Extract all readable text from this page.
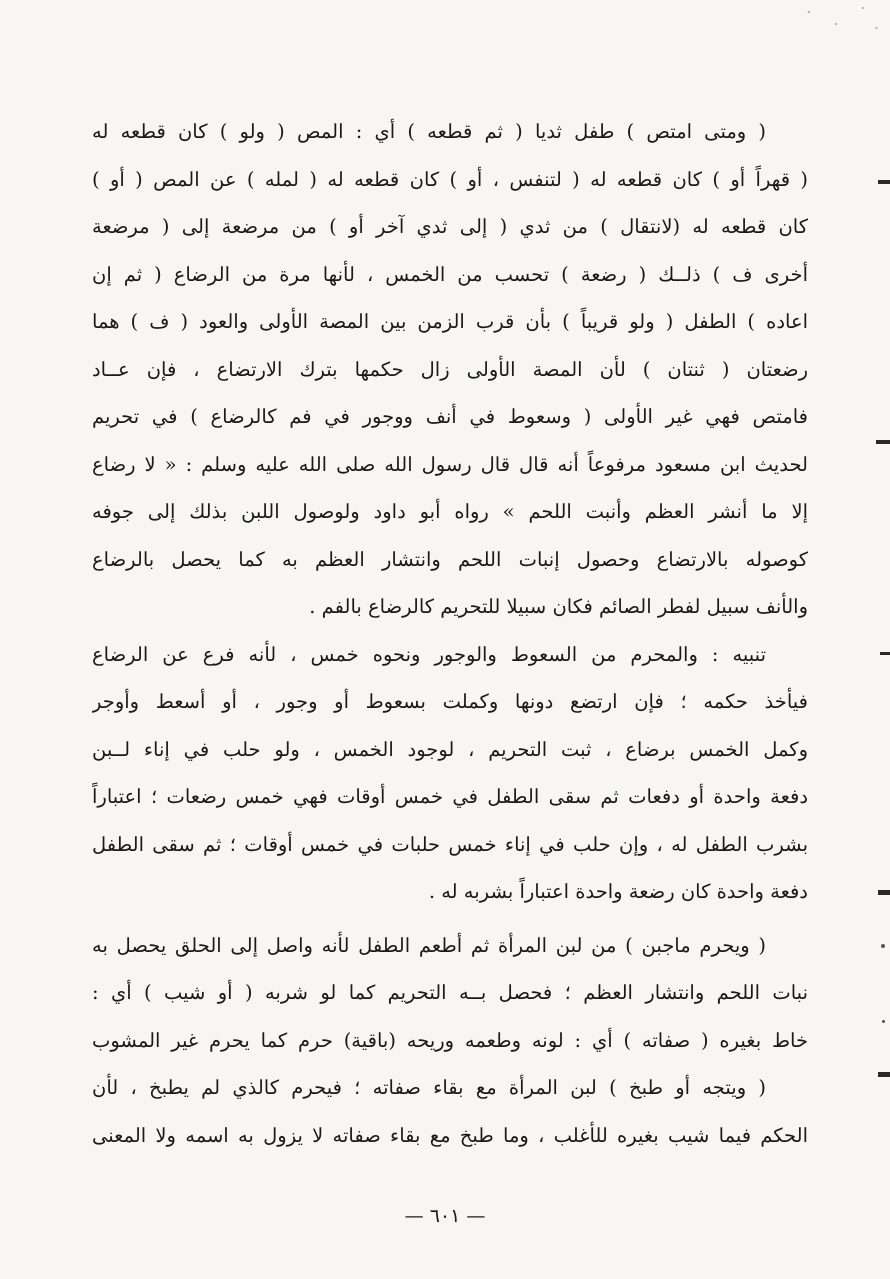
( ومتى امتص ) طفل ثديا ( ثم قطعه ) أي : المص ( ولو ) كان قطعه له
( قهراً أو ) كان قطعه له ( لتنفس ، أو ) كان قطعه له ( لمله ) عن المص ( أو )
كان قطعه له (لانتقال ) من ثدي ( إلى ثدي آخر أو ) من مرضعة إلى ( مرضعة
أخرى ف ) ذلــك ( رضعة ) تحسب من الخمس ، لأنها مرة من الرضاع ( ثم إن
اعاده ) الطفل ( ولو قريباً ) بأن قرب الزمن بين المصة الأولى والعود ( ف ) هما
رضعتان ( ثنتان ) لأن المصة الأولى زال حكمها بترك الارتضاع ، فإن عــاد
فامتص فهي غير الأولى ( وسعوط في أنف ووجور في فم كالرضاع ) في تحريم
لحديث ابن مسعود مرفوعاً أنه قال قال رسول الله صلى الله عليه وسلم : « لا رضاع
إلا ما أنشر العظم وأنبت اللحم » رواه أبو داود ولوصول اللبن بذلك إلى جوفه
كوصوله بالارتضاع وحصول إنبات اللحم وانتشار العظم به كما يحصل بالرضاع
والأنف سبيل لفطر الصائم فكان سبيلا للتحريم كالرضاع بالفم .
تنبيه : والمحرم من السعوط والوجور ونحوه خمس ، لأنه فرع عن الرضاع
فيأخذ حكمه ؛ فإن ارتضع دونها وكملت بسعوط أو وجور ، أو أسعط وأوجر
وكمل الخمس برضاع ، ثبت التحريم ، لوجود الخمس ، ولو حلب في إناء لــبن
دفعة واحدة أو دفعات ثم سقى الطفل في خمس أوقات فهي خمس رضعات ؛ اعتباراً
بشرب الطفل له ، وإن حلب في إناء خمس حلبات في خمس أوقات ؛ ثم سقى الطفل
دفعة واحدة كان رضعة واحدة اعتباراً بشربه له .
( ويحرم ماجبن ) من لبن المرأة ثم أطعم الطفل لأنه واصل إلى الحلق يحصل به
نبات اللحم وانتشار العظم ؛ فحصل بــه التحريم كما لو شربه ( أو شيب ) أي :
خاط بغيره ( صفاته ) أي : لونه وطعمه وريحه (باقية) حرم كما يحرم غير المشوب
( ويتجه أو طبخ ) لبن المرأة مع بقاء صفاته ؛ فيحرم كالذي لم يطبخ ، لأن
الحكم فيما شيب بغيره للأغلب ، وما طبخ مع بقاء صفاته لا يزول به اسمه ولا المعنى
— ٦٠١ —
